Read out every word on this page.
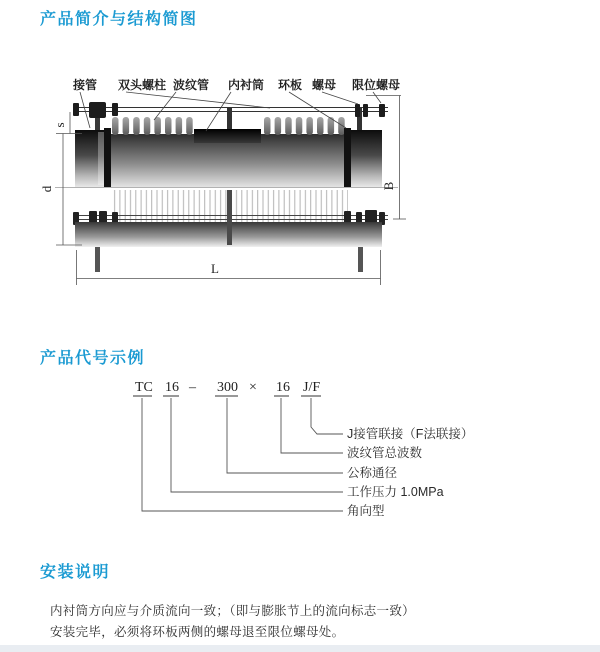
产品简介与结构简图
s
d	B
L
接管 双头螺柱 波纹管 内衬筒 环板 螺母 限位螺母
产品代号示例
TC 16 – 300 × 16 J/F
J接管联接（F法联接）
波纹管总波数
公称通径
工作压力 1.0MPa
角向型
安装说明
内衬筒方向应与介质流向一致；（即与膨胀节上的流向标志一致）
安装完毕，必须将环板两侧的螺母退至限位螺母处。
